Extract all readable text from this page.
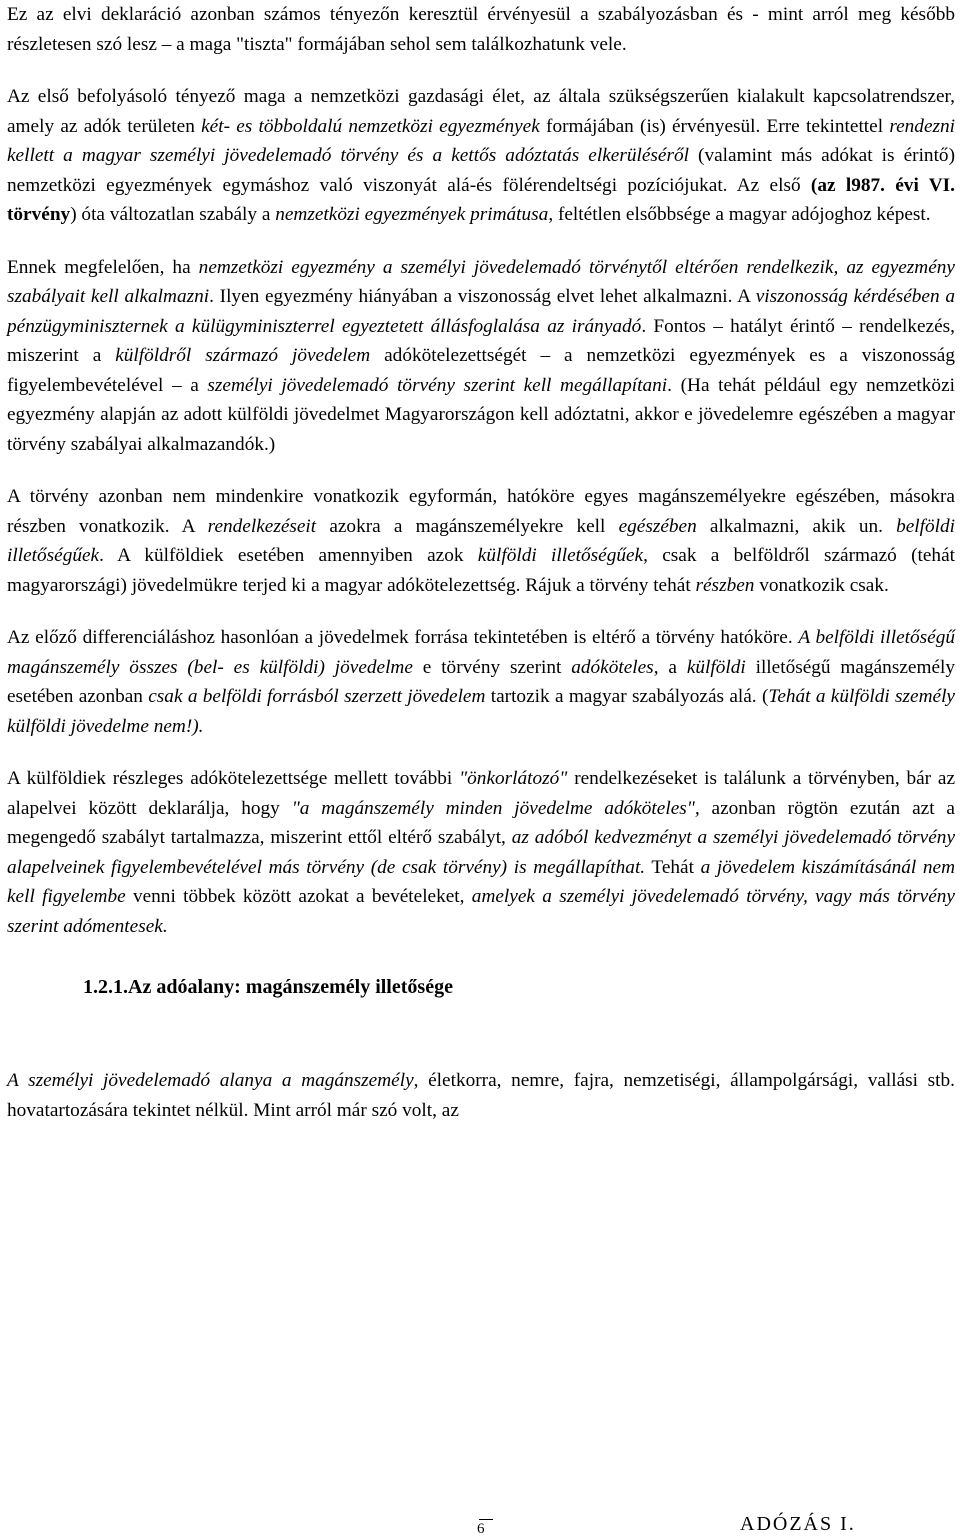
Ez az elvi deklaráció azonban számos tényezőn keresztül érvényesül a szabályozásban és - mint arról meg később részletesen szó lesz – a maga "tiszta" formájában sehol sem találkozhatunk vele.

Az első befolyásoló tényező maga a nemzetközi gazdasági élet, az általa szükségszerűen kialakult kapcsolatrendszer, amely az adók területen két- es többoldalú nemzetközi egyezmények formájában (is) érvényesül. Erre tekintettel rendezni kellett a magyar személyi jövedelemadó törvény és a kettős adóztatás elkerüléséről (valamint más adókat is érintő) nemzetközi egyezmények egymáshoz való viszonyát alá-és fölérendeltségi pozíciójukat. Az első (az l987. évi VI. törvény) óta változatlan szabály a nemzetközi egyezmények primátusa, feltétlen elsőbbsége a magyar adójoghoz képest.

Ennek megfelelően, ha nemzetközi egyezmény a személyi jövedelemadó törvénytől eltérően rendelkezik, az egyezmény szabályait kell alkalmazni. Ilyen egyezmény hiányában a viszonosság elvet lehet alkalmazni. A viszonosság kérdésében a pénzügyminiszternek a külügyminiszterrel egyeztetett állásfoglalása az irányadó. Fontos – hatályt érintő – rendelkezés, miszerint a külföldről származó jövedelem adókötelezettségét – a nemzetközi egyezmények es a viszonosság figyelembevételével – a személyi jövedelemadó törvény szerint kell megállapítani. (Ha tehát például egy nemzetközi egyezmény alapján az adott külföldi jövedelmet Magyarországon kell adóztatni, akkor e jövedelemre egészében a magyar törvény szabályai alkalmazandók.)

A törvény azonban nem mindenkire vonatkozik egyformán, hatóköre egyes magánszemélyekre egészében, másokra részben vonatkozik. A rendelkezéseit azokra a magánszemélyekre kell egészében alkalmazni, akik un. belföldi illetőségűek. A külföldiek esetében amennyiben azok külföldi illetőségűek, csak a belföldről származó (tehát magyarországi) jövedelmükre terjed ki a magyar adókötelezettség. Rájuk a törvény tehát részben vonatkozik csak.

Az előző differenciáláshoz hasonlóan a jövedelmek forrása tekintetében is eltérő a törvény hatóköre. A belföldi illetőségű magánszemély összes (bel- es külföldi) jövedelme e törvény szerint adóköteles, a külföldi illetőségű magánszemély esetében azonban csak a belföldi forrásból szerzett jövedelem tartozik a magyar szabályozás alá. (Tehát a külföldi személy külföldi jövedelme nem!).

A külföldiek részleges adókötelezettsége mellett további "önkorlátozó" rendelkezéseket is találunk a törvényben, bár az alapelvei között deklarálja, hogy "a magánszemély minden jövedelme adóköteles", azonban rögtön ezután azt a megengedő szabályt tartalmazza, miszerint ettől eltérő szabályt, az adóból kedvezményt a személyi jövedelemadó törvény alapelveinek figyelembevételével más törvény (de csak törvény) is megállapíthat. Tehát a jövedelem kiszámításánál nem kell figyelembe venni többek között azokat a bevételeket, amelyek a személyi jövedelemadó törvény, vagy más törvény szerint adómentesek.

1.2.1.Az adóalany: magánszemély illetősége

A személyi jövedelemadó alanya a magánszemély, életkorra, nemre, fajra, nemzetiségi, állampolgársági, vallási stb. hovatartozására tekintet nélkül. Mint arról már szó volt, az

6	ADÓZÁS I.
